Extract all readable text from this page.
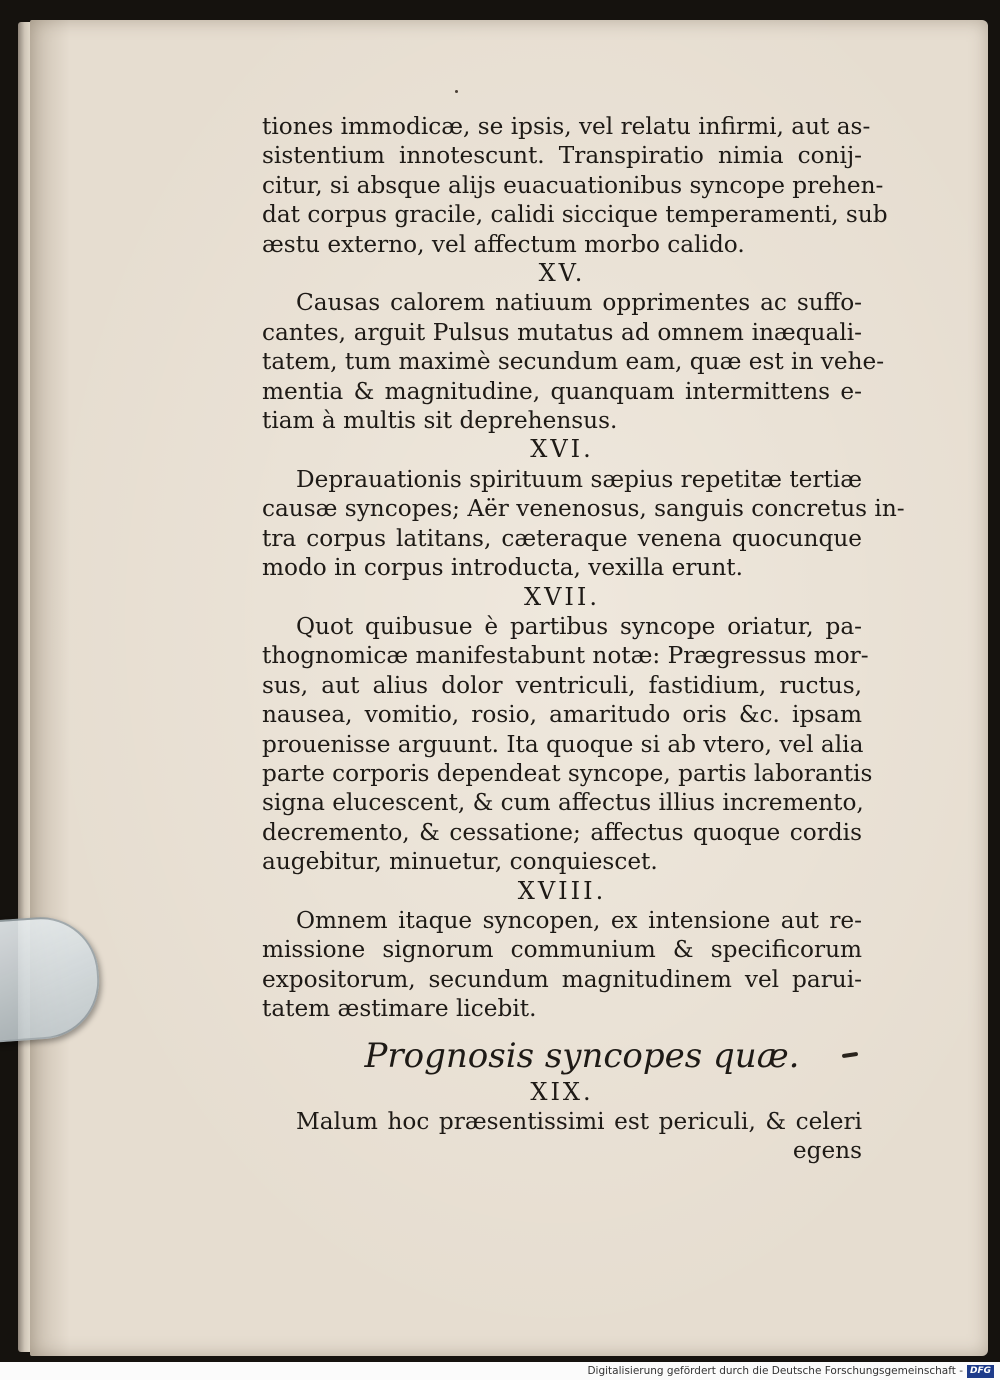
tiones immodicæ, se ipsis, vel relatu infirmi, aut as-
sistentium innotescunt. Transpiratio nimia conij-
citur, si absque alijs euacuationibus syncope prehen-
dat corpus gracile, calidi siccique temperamenti, sub
æstu externo, vel affectum morbo calido.
XV.
Causas calorem natiuum opprimentes ac suffo-
cantes, arguit Pulsus mutatus ad omnem inæquali-
tatem, tum maximè secundum eam, quæ est in vehe-
mentia & magnitudine, quanquam intermittens e-
tiam à multis sit deprehensus.
XVI.
Deprauationis spirituum sæpius repetitæ tertiæ
causæ syncopes; Aër venenosus, sanguis concretus in-
tra corpus latitans, cæteraque venena quocunque
modo in corpus introducta, vexilla erunt.
XVII.
Quot quibusue è partibus syncope oriatur, pa-
thognomicæ manifestabunt notæ: Prægressus mor-
sus, aut alius dolor ventriculi, fastidium, ructus,
nausea, vomitio, rosio, amaritudo oris &c. ipsam
prouenisse arguunt. Ita quoque si ab vtero, vel alia
parte corporis dependeat syncope, partis laborantis
signa elucescent, & cum affectus illius incremento,
decremento, & cessatione; affectus quoque cordis
augebitur, minuetur, conquiescet.
XVIII.
Omnem itaque syncopen, ex intensione aut re-
missione signorum communium & specificorum
expositorum, secundum magnitudinem vel parui-
tatem æstimare licebit.
Prognosis syncopes quæ.
XIX.
Malum hoc præsentissimi est periculi, & celeri
egens
Digitalisierung gefördert durch die Deutsche Forschungsgemeinschaft - DFG
